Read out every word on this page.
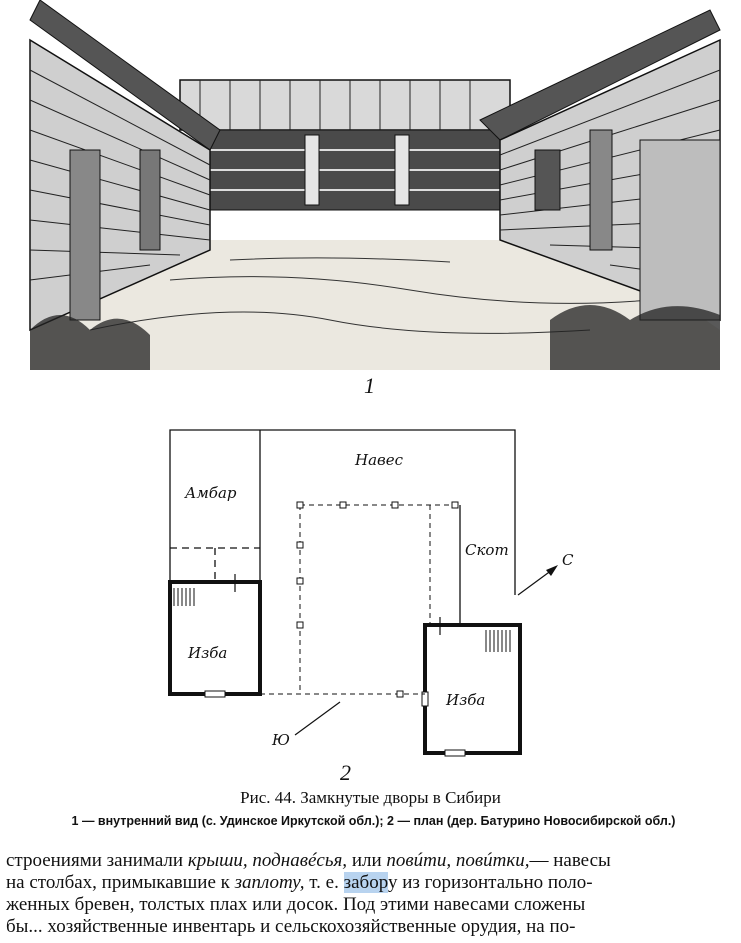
1
Навес
Амбар
Скот
Изба
Изба
С
Ю
2
Рис. 44. Замкнутые дворы в Сибири
1 — внутренний вид (с. Удинское Иркутской обл.); 2 — план (дер. Батурино Новосибирской обл.)

строениями занимали крыши, поднавéсья, или повúти, повúтки,— навесы

на столбах, примыкавшие к заплоту, т. е. забору из горизонтально поло-

женных бревен, толстых плах или досок. Под этими навесами сложены

бы... хозяйственные инвентарь и сельскохозяйственные орудия, на по-
